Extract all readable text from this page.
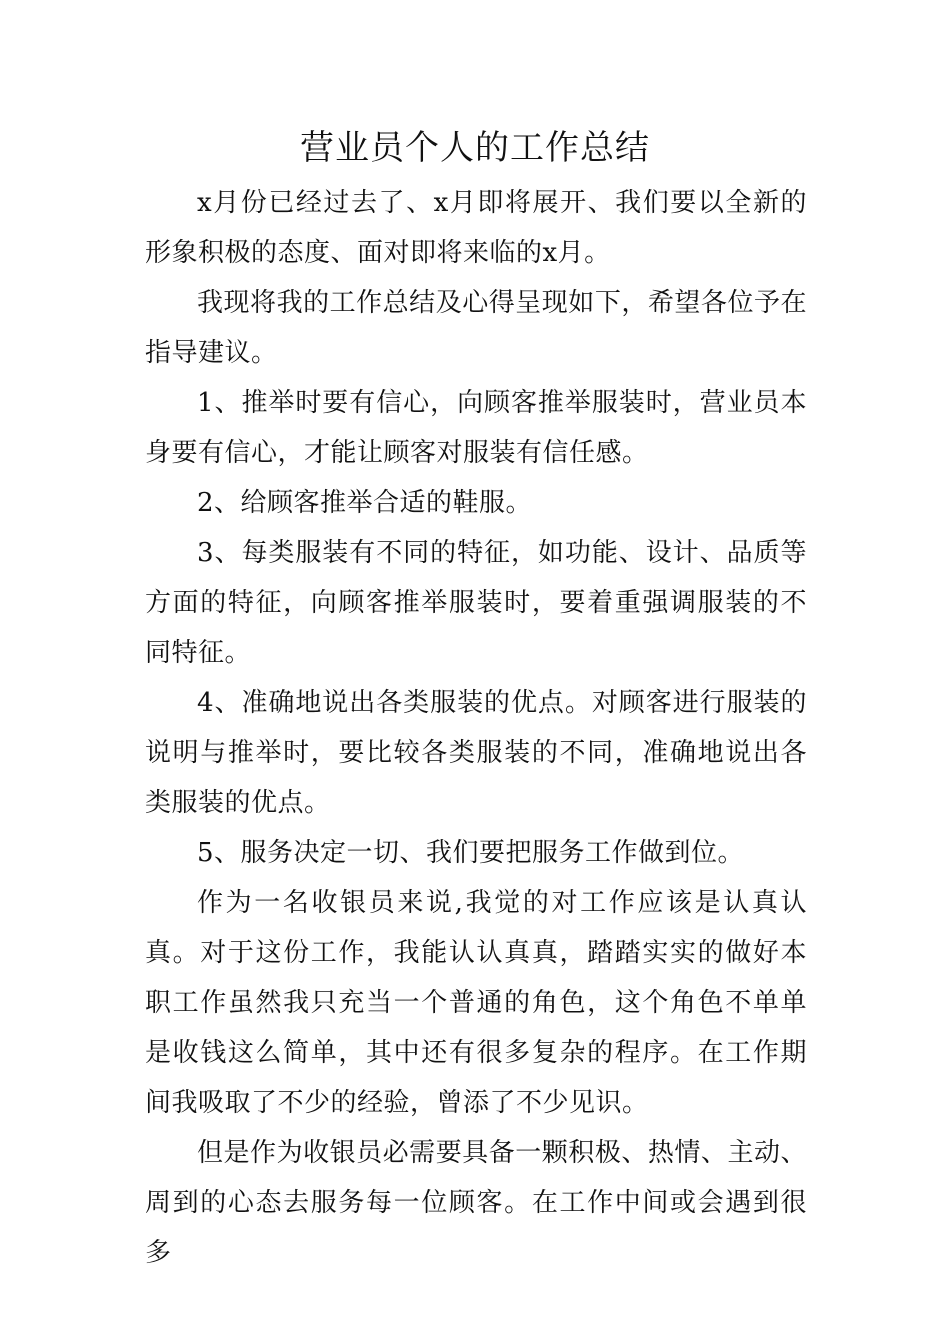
营业员个人的工作总结

x月份已经过去了、x月即将展开、我们要以全新的形象积极的态度、面对即将来临的x月。

我现将我的工作总结及心得呈现如下，希望各位予在指导建议。

1、推举时要有信心，向顾客推举服装时，营业员本身要有信心，才能让顾客对服装有信任感。

2、给顾客推举合适的鞋服。

3、每类服装有不同的特征，如功能、设计、品质等方面的特征，向顾客推举服装时，要着重强调服装的不同特征。

4、准确地说出各类服装的优点。对顾客进行服装的说明与推举时，要比较各类服装的不同，准确地说出各类服装的优点。

5、服务决定一切、我们要把服务工作做到位。

作为一名收银员来说,我觉的对工作应该是认真认真。对于这份工作，我能认认真真，踏踏实实的做好本职工作虽然我只充当一个普通的角色，这个角色不单单是收钱这么简单，其中还有很多复杂的程序。在工作期间我吸取了不少的经验，曾添了不少见识。

但是作为收银员必需要具备一颗积极、热情、主动、周到的心态去服务每一位顾客。在工作中间或会遇到很多
